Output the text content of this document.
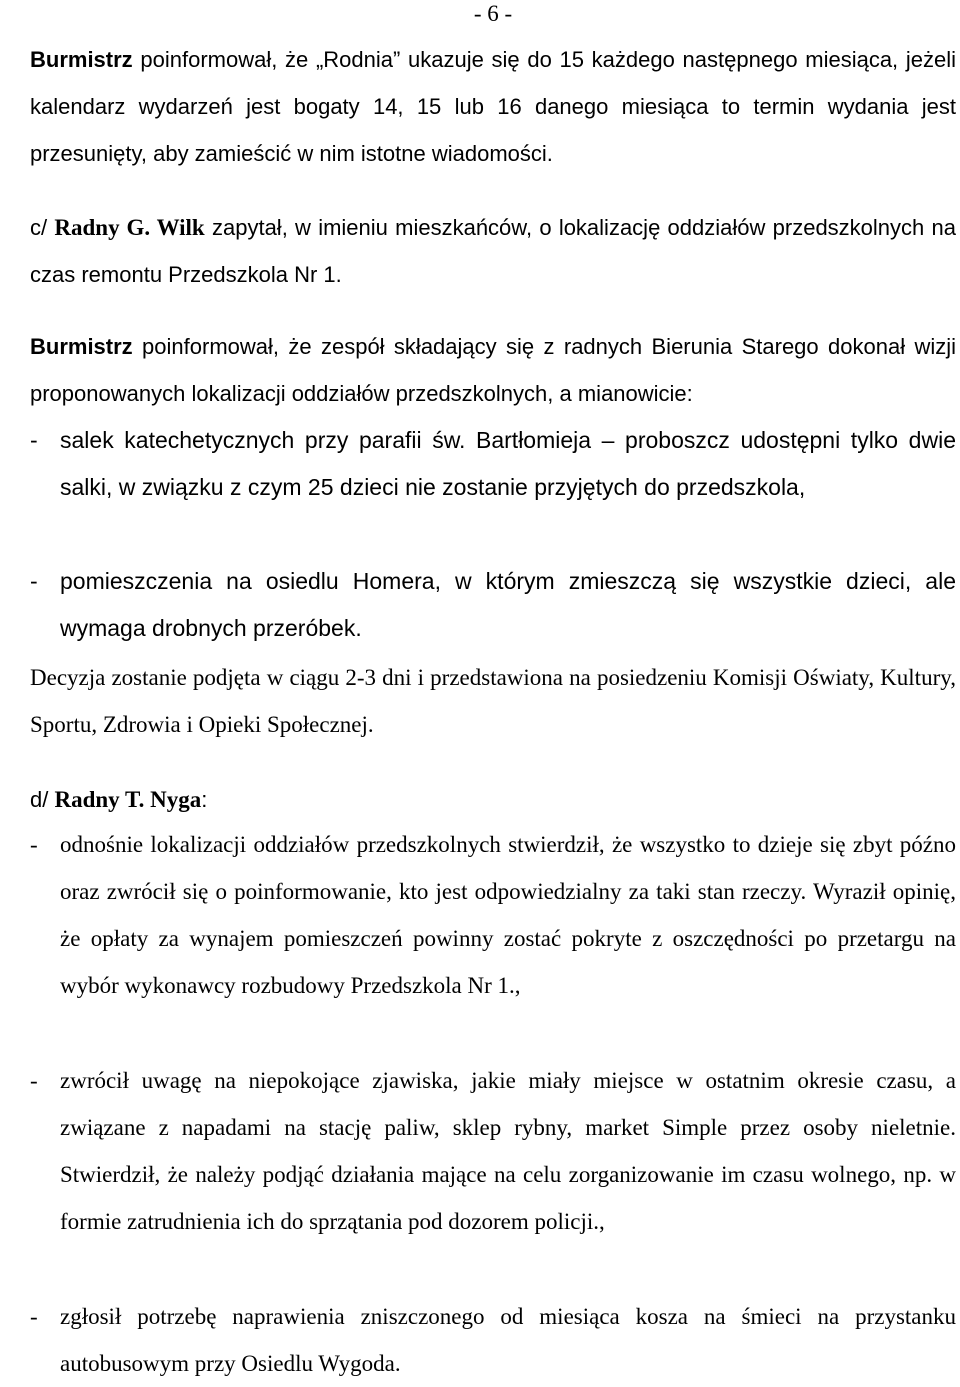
- 6 -

Burmistrz poinformował, że „Rodnia” ukazuje się do 15 każdego następnego miesiąca, jeżeli kalendarz wydarzeń jest bogaty 14, 15 lub 16 danego miesiąca to termin wydania jest przesunięty, aby zamieścić w nim istotne wiadomości.

c/ Radny G. Wilk zapytał, w imieniu mieszkańców, o lokalizację oddziałów przedszkolnych na czas remontu Przedszkola Nr 1.

Burmistrz poinformował, że zespół składający się z radnych Bierunia Starego dokonał wizji proponowanych lokalizacji oddziałów przedszkolnych, a mianowicie:

- salek katechetycznych przy parafii św. Bartłomieja – proboszcz udostępni tylko dwie salki, w związku z czym 25 dzieci nie zostanie przyjętych do przedszkola,
- pomieszczenia na osiedlu Homera, w którym zmieszczą się wszystkie dzieci, ale wymaga drobnych przeróbek.

Decyzja zostanie podjęta w ciągu 2-3 dni i przedstawiona na posiedzeniu Komisji Oświaty, Kultury, Sportu, Zdrowia i Opieki Społecznej.

d/ Radny T. Nyga:

- odnośnie lokalizacji oddziałów przedszkolnych stwierdził, że wszystko to dzieje się zbyt późno oraz zwrócił się o poinformowanie, kto jest odpowiedzialny za taki stan rzeczy. Wyraził opinię, że opłaty za wynajem pomieszczeń powinny zostać pokryte z oszczędności po przetargu na wybór wykonawcy rozbudowy Przedszkola Nr 1.,
- zwrócił uwagę na niepokojące zjawiska, jakie miały miejsce w ostatnim okresie czasu, a związane z napadami na stację paliw, sklep rybny, market Simple przez osoby nieletnie. Stwierdził, że należy podjąć działania mające na celu zorganizowanie im czasu wolnego, np. w formie zatrudnienia ich do sprzątania pod dozorem policji.,
- zgłosił potrzebę naprawienia zniszczonego od miesiąca kosza na śmieci na przystanku autobusowym przy Osiedlu Wygoda.
